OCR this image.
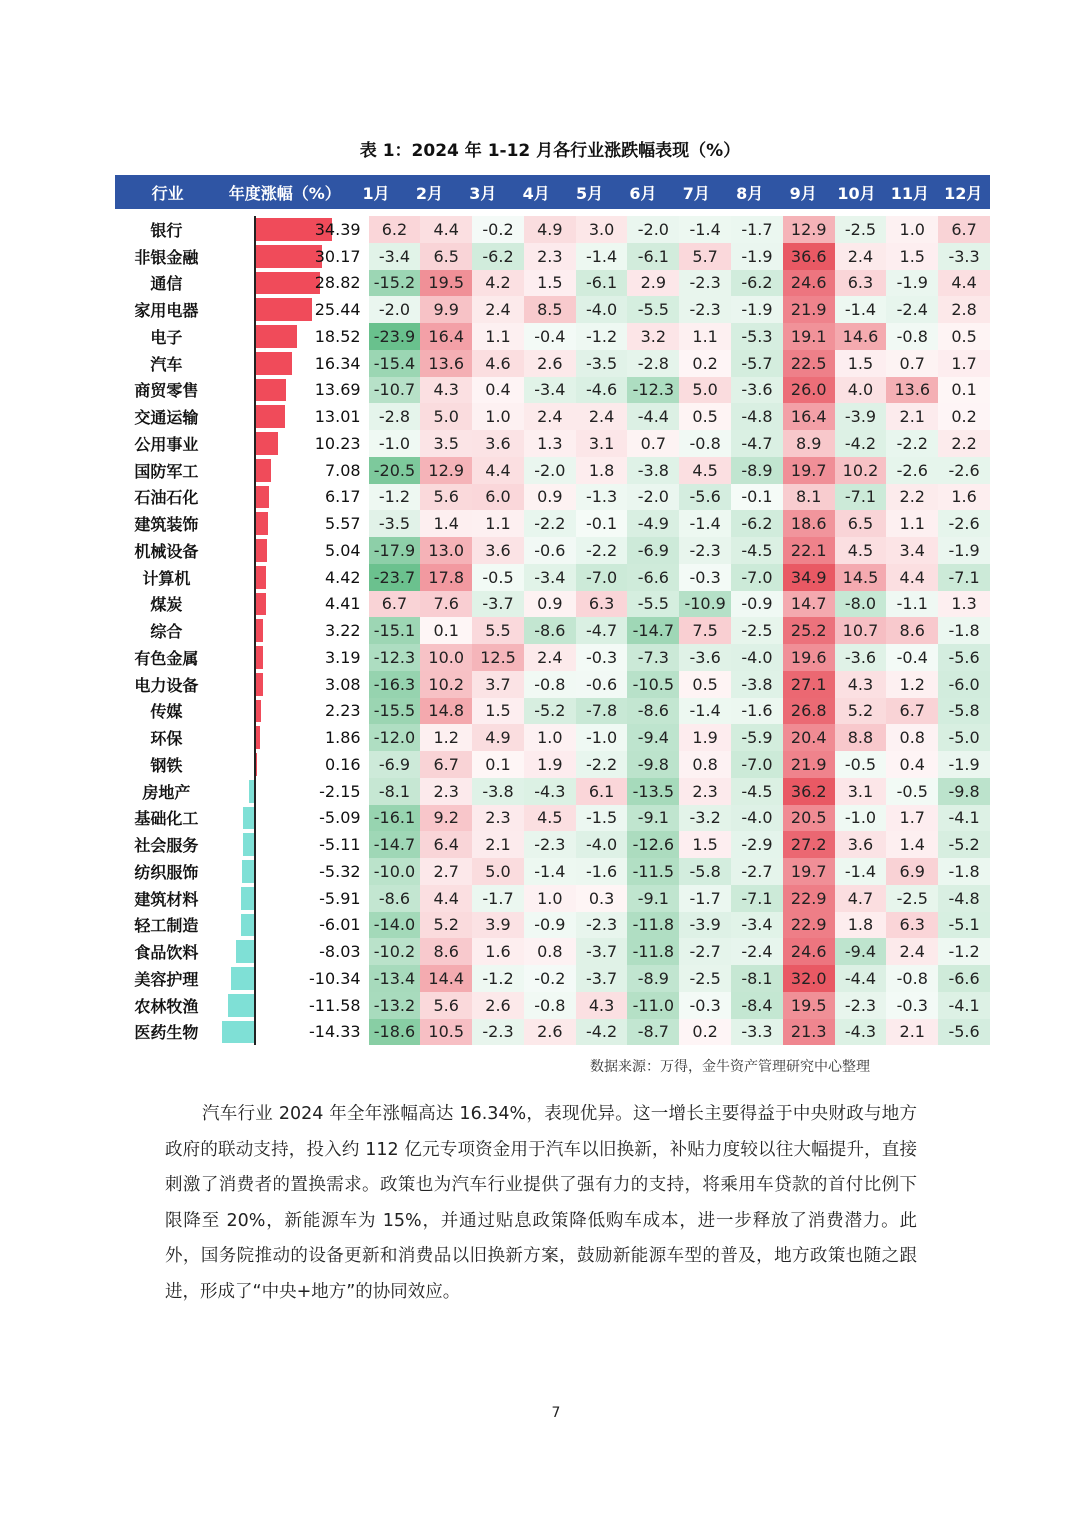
表 1：2024 年 1-12 月各行业涨跌幅表现（%）
行业	年度涨幅（%）	1月	2月	3月	4月	5月	6月	7月	8月	9月	10月 11月 12月
银行	34.39	6.2	4.4	-0.2	4.9	3.0	-2.0	-1.4	-1.7	12.9	-2.5	1.0	6.7
非银金融	30.17	-3.4	6.5	-6.2	2.3	-1.4	-6.1	5.7	-1.9	36.6	2.4	1.5	-3.3
通信	28.82 -15.2 19.5	4.2	1.5	-6.1	2.9	-2.3	-6.2	24.6	6.3	-1.9	4.4
家用电器	25.44	-2.0	9.9	2.4	8.5	-4.0	-5.5	-2.3	-1.9	21.9	-1.4	-2.4	2.8
电子	18.52 -23.9 16.4	1.1	-0.4	-1.2	3.2	1.1	-5.3	19.1	14.6	-0.8	0.5
汽车	16.34 -15.4 13.6	4.6	2.6	-3.5	-2.8	0.2	-5.7	22.5	1.5	0.7	1.7
商贸零售	13.69 -10.7	4.3	0.4	-3.4	-4.6 -12.3	5.0	-3.6	26.0	4.0	13.6	0.1
交通运输	13.01	-2.8	5.0	1.0	2.4	2.4	-4.4	0.5	-4.8	16.4	-3.9	2.1	0.2
公用事业	10.23	-1.0	3.5	3.6	1.3	3.1	0.7	-0.8	-4.7	8.9	-4.2	-2.2	2.2
国防军工	7.08 -20.5 12.9	4.4	-2.0	1.8	-3.8	4.5	-8.9	19.7	10.2	-2.6	-2.6
石油石化	6.17	-1.2	5.6	6.0	0.9	-1.3	-2.0	-5.6	-0.1	8.1	-7.1	2.2	1.6
建筑装饰	5.57	-3.5	1.4	1.1	-2.2	-0.1	-4.9	-1.4	-6.2	18.6	6.5	1.1	-2.6
机械设备	5.04 -17.9 13.0	3.6	-0.6	-2.2	-6.9	-2.3	-4.5	22.1	4.5	3.4	-1.9
计算机	4.42 -23.7 17.8	-0.5	-3.4	-7.0	-6.6	-0.3	-7.0	34.9	14.5	4.4	-7.1
煤炭	4.41	6.7	7.6	-3.7	0.9	6.3	-5.5 -10.9 -0.9	14.7	-8.0	-1.1	1.3
综合	3.22 -15.1	0.1	5.5	-8.6	-4.7 -14.7	7.5	-2.5	25.2	10.7	8.6	-1.8
有色金属	3.19 -12.3 10.0	12.5	2.4	-0.3	-7.3	-3.6	-4.0	19.6	-3.6	-0.4	-5.6
电力设备	3.08 -16.3 10.2	3.7	-0.8	-0.6 -10.5	0.5	-3.8	27.1	4.3	1.2	-6.0
传媒	2.23 -15.5 14.8	1.5	-5.2	-7.8	-8.6	-1.4	-1.6	26.8	5.2	6.7	-5.8
环保	1.86 -12.0	1.2	4.9	1.0	-1.0	-9.4	1.9	-5.9	20.4	8.8	0.8	-5.0
钢铁	0.16	-6.9	6.7	0.1	1.9	-2.2	-9.8	0.8	-7.0	21.9	-0.5	0.4	-1.9
房地产	-2.15	-8.1	2.3	-3.8	-4.3	6.1	-13.5	2.3	-4.5	36.2	3.1	-0.5	-9.8
基础化工	-5.09 -16.1	9.2	2.3	4.5	-1.5	-9.1	-3.2	-4.0	20.5	-1.0	1.7	-4.1
社会服务	-5.11 -14.7	6.4	2.1	-2.3	-4.0 -12.6	1.5	-2.9	27.2	3.6	1.4	-5.2
纺织服饰	-5.32 -10.0	2.7	5.0	-1.4	-1.6 -11.5 -5.8	-2.7	19.7	-1.4	6.9	-1.8
建筑材料	-5.91	-8.6	4.4	-1.7	1.0	0.3	-9.1	-1.7	-7.1	22.9	4.7	-2.5	-4.8
轻工制造	-6.01 -14.0	5.2	3.9	-0.9	-2.3 -11.8 -3.9	-3.4	22.9	1.8	6.3	-5.1
食品饮料	-8.03 -10.2	8.6	1.6	0.8	-3.7 -11.8 -2.7	-2.4	24.6	-9.4	2.4	-1.2
美容护理	-10.34 -13.4 14.4	-1.2	-0.2	-3.7	-8.9	-2.5	-8.1	32.0	-4.4	-0.8	-6.6
农林牧渔	-11.58 -13.2	5.6	2.6	-0.8	4.3	-11.0 -0.3	-8.4	19.5	-2.3	-0.3	-4.1
医药生物	-14.33 -18.6 10.5	-2.3	2.6	-4.2	-8.7	0.2	-3.3	21.3	-4.3	2.1	-5.6
数据来源：万得，金牛资产管理研究中心整理
汽车行业 2024 年全年涨幅高达 16.34%，表现优异。这一增长主要得益于中央财政与地方政府的联动支持，投入约 112 亿元专项资金用于汽车以旧换新，补贴力度较以往大幅提升，直接刺激了消费者的置换需求。政策也为汽车行业提供了强有力的支持，将乘用车贷款的首付比例下限降至 20%，新能源车为 15%，并通过贴息政策降低购车成本，进一步释放了消费潜力。此外，国务院推动的设备更新和消费品以旧换新方案，鼓励新能源车型的普及，地方政策也随之跟进，形成了“中央+地方”的协同效应。
7
